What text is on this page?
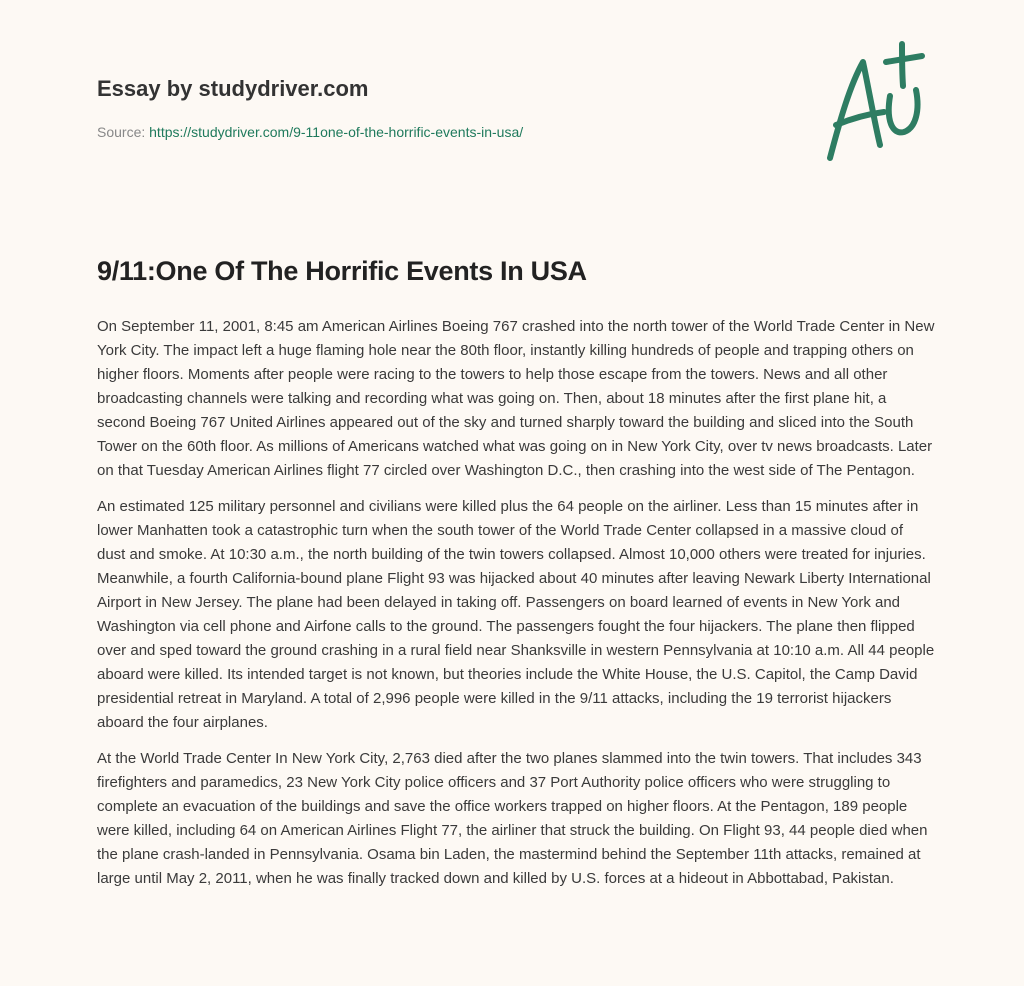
Essay by studydriver.com
Source: https://studydriver.com/9-11one-of-the-horrific-events-in-usa/
9/11:One Of The Horrific Events In USA

On September 11, 2001, 8:45 am American Airlines Boeing 767 crashed into the north tower of the World Trade Center in New York City. The impact left a huge flaming hole near the 80th floor, instantly killing hundreds of people and trapping others on higher floors. Moments after people were racing to the towers to help those escape from the towers. News and all other broadcasting channels were talking and recording what was going on. Then, about 18 minutes after the first plane hit, a second Boeing 767 United Airlines appeared out of the sky and turned sharply toward the building and sliced into the South Tower on the 60th floor. As millions of Americans watched what was going on in New York City, over tv news broadcasts. Later on that Tuesday American Airlines flight 77 circled over Washington D.C., then crashing into the west side of The Pentagon.

An estimated 125 military personnel and civilians were killed plus the 64 people on the airliner. Less than 15 minutes after in lower Manhatten took a catastrophic turn when the south tower of the World Trade Center collapsed in a massive cloud of dust and smoke. At 10:30 a.m., the north building of the twin towers collapsed. Almost 10,000 others were treated for injuries. Meanwhile, a fourth California-bound plane Flight 93 was hijacked about 40 minutes after leaving Newark Liberty International Airport in New Jersey. The plane had been delayed in taking off. Passengers on board learned of events in New York and Washington via cell phone and Airfone calls to the ground. The passengers fought the four hijackers. The plane then flipped over and sped toward the ground crashing in a rural field near Shanksville in western Pennsylvania at 10:10 a.m. All 44 people aboard were killed. Its intended target is not known, but theories include the White House, the U.S. Capitol, the Camp David presidential retreat in Maryland. A total of 2,996 people were killed in the 9/11 attacks, including the 19 terrorist hijackers aboard the four airplanes.

At the World Trade Center In New York City, 2,763 died after the two planes slammed into the twin towers. That includes 343 firefighters and paramedics, 23 New York City police officers and 37 Port Authority police officers who were struggling to complete an evacuation of the buildings and save the office workers trapped on higher floors. At the Pentagon, 189 people were killed, including 64 on American Airlines Flight 77, the airliner that struck the building. On Flight 93, 44 people died when the plane crash-landed in Pennsylvania. Osama bin Laden, the mastermind behind the September 11th attacks, remained at large until May 2, 2011, when he was finally tracked down and killed by U.S. forces at a hideout in Abbottabad, Pakistan.
